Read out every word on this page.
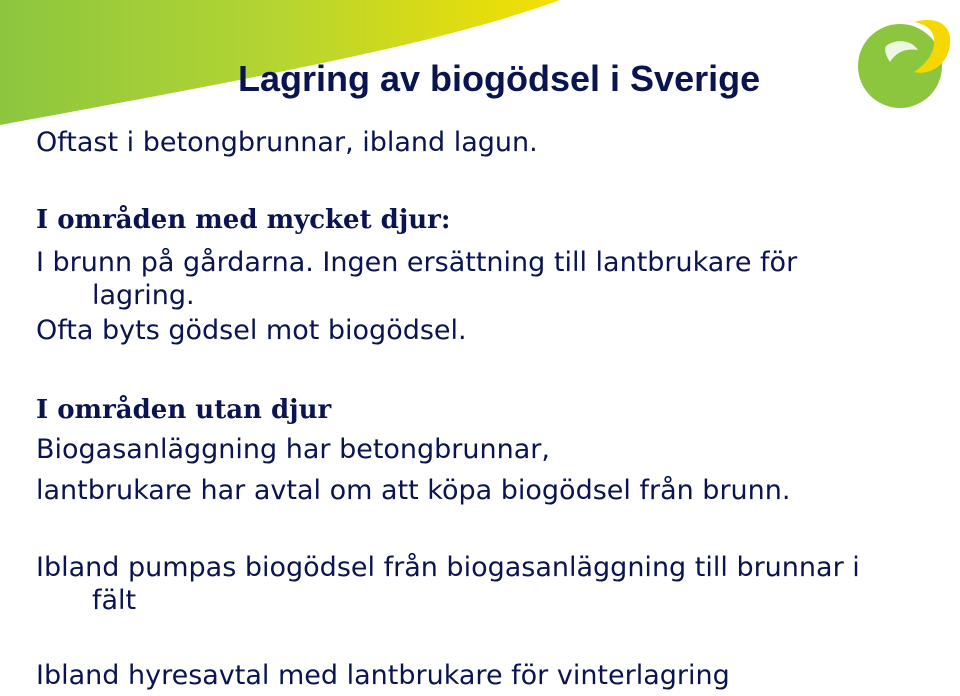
Lagring av biogödsel i Sverige
Oftast i betongbrunnar, ibland lagun.
I områden med mycket djur:
I brunn på gårdarna. Ingen ersättning till lantbrukare för
lagring.
Ofta byts gödsel mot biogödsel.
I områden utan djur
Biogasanläggning har betongbrunnar,
lantbrukare har avtal om att köpa biogödsel från brunn.
Ibland pumpas biogödsel från biogasanläggning till brunnar i
fält
Ibland hyresavtal med lantbrukare för vinterlagring
